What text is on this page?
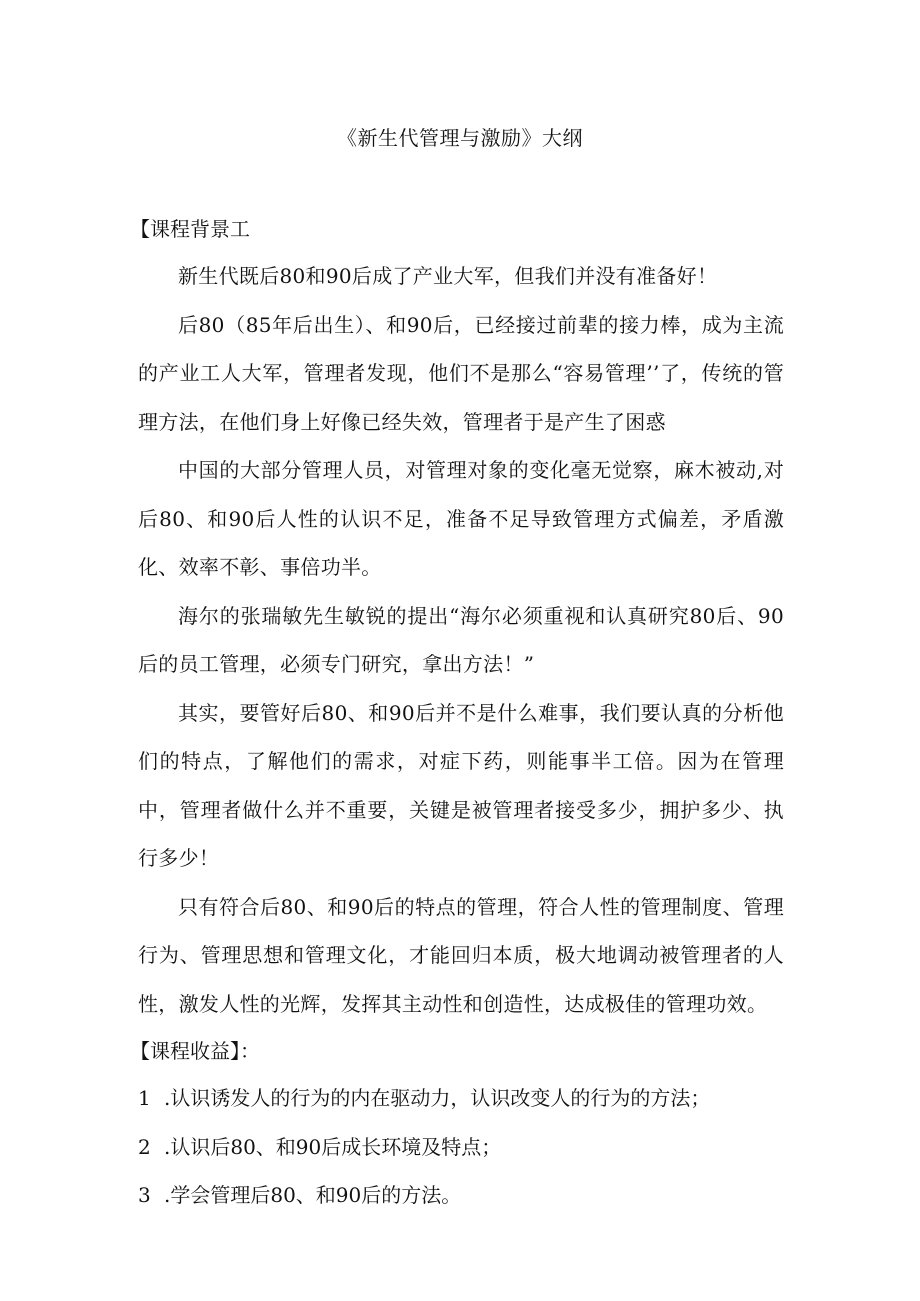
《新生代管理与激励》大纲

【课程背景工

新生代既后80和90后成了产业大军，但我们并没有准备好！

后80（85年后出生）、和90后，已经接过前辈的接力棒，成为主流的产业工人大军，管理者发现，他们不是那么“容易管理’’了，传统的管理方法，在他们身上好像已经失效，管理者于是产生了困惑

中国的大部分管理人员，对管理对象的变化毫无觉察，麻木被动,对后80、和90后人性的认识不足，准备不足导致管理方式偏差，矛盾激化、效率不彰、事倍功半。

海尔的张瑞敏先生敏锐的提出“海尔必须重视和认真研究80后、90后的员工管理，必须专门研究，拿出方法！”

其实，要管好后80、和90后并不是什么难事，我们要认真的分析他们的特点，了解他们的需求，对症下药，则能事半工倍。因为在管理中，管理者做什么并不重要，关键是被管理者接受多少，拥护多少、执行多少！

只有符合后80、和90后的特点的管理，符合人性的管理制度、管理行为、管理思想和管理文化，才能回归本质，极大地调动被管理者的人性，激发人性的光辉，发挥其主动性和创造性，达成极佳的管理功效。

【课程收益】：

1 .认识诱发人的行为的内在驱动力，认识改变人的行为的方法；

2 .认识后80、和90后成长环境及特点；

3 .学会管理后80、和90后的方法。
